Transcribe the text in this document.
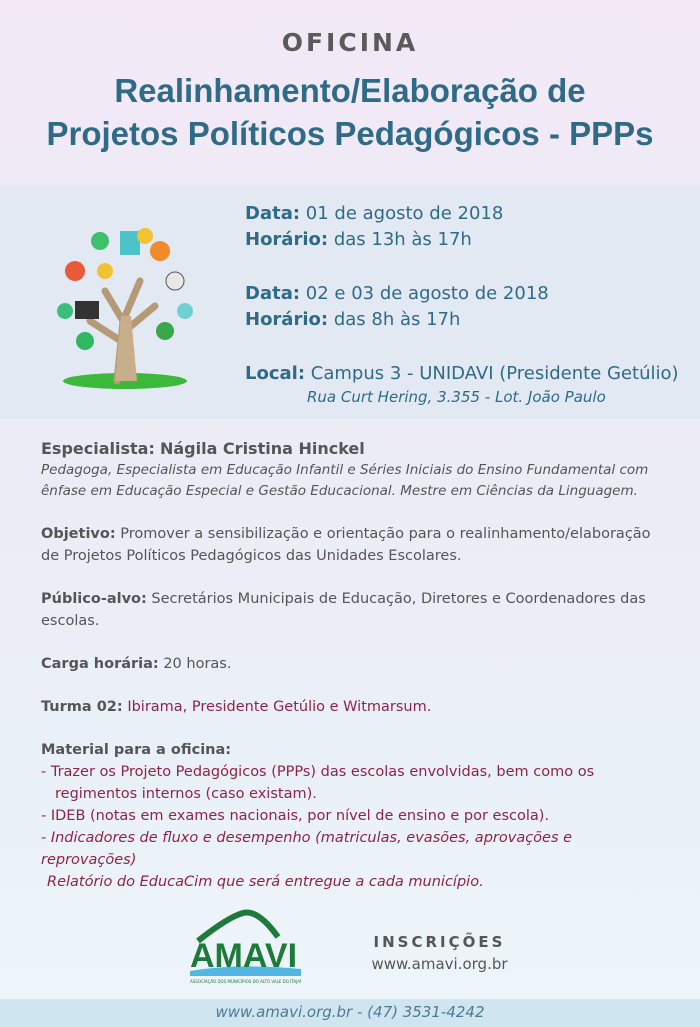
OFICINA
Realinhamento/Elaboração de
Projetos Políticos Pedagógicos - PPPs
Data: 01 de agosto de 2018
Horário: das 13h às 17h
Data: 02 e 03 de agosto de 2018
Horário: das 8h às 17h
Local: Campus 3 - UNIDAVI (Presidente Getúlio)
Rua Curt Hering, 3.355 - Lot. João Paulo
Especialista: Nágila Cristina Hinckel
Pedagoga, Especialista em Educação Infantil e Séries Iniciais do Ensino Fundamental com ênfase em Educação Especial e Gestão Educacional. Mestre em Ciências da Linguagem.
Objetivo: Promover a sensibilização e orientação para o realinhamento/elaboração de Projetos Políticos Pedagógicos das Unidades Escolares.
Público-alvo: Secretários Municipais de Educação, Diretores e Coordenadores das escolas.
Carga horária: 20 horas.
Turma 02: Ibirama, Presidente Getúlio e Witmarsum.
Material para a oficina:
- Trazer os Projeto Pedagógicos (PPPs) das escolas envolvidas, bem como os
regimentos internos (caso existam).
- IDEB (notas em exames nacionais, por nível de ensino e por escola).
- Indicadores de fluxo e desempenho (matriculas, evasões, aprovações e reprovações)
Relatório do EducaCim que será entregue a cada município.
AMAVI
ASSOCIAÇÃO DOS MUNICÍPIOS DO ALTO VALE DO ITAJAÍ
INSCRIÇÕES
www.amavi.org.br
www.amavi.org.br - (47) 3531-4242
